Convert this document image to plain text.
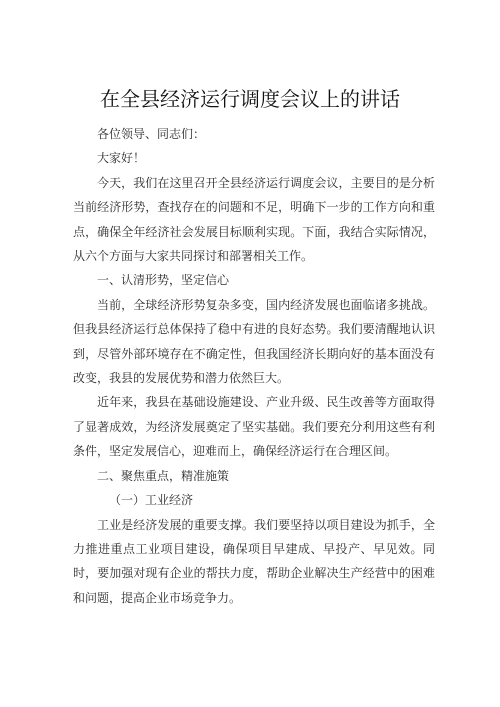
在全县经济运行调度会议上的讲话

各位领导、同志们：

大家好！

今天，我们在这里召开全县经济运行调度会议，主要目的是分析当前经济形势，查找存在的问题和不足，明确下一步的工作方向和重点，确保全年经济社会发展目标顺利实现。下面，我结合实际情况，从六个方面与大家共同探讨和部署相关工作。

一、认清形势，坚定信心

当前，全球经济形势复杂多变，国内经济发展也面临诸多挑战。但我县经济运行总体保持了稳中有进的良好态势。我们要清醒地认识到，尽管外部环境存在不确定性，但我国经济长期向好的基本面没有改变，我县的发展优势和潜力依然巨大。

近年来，我县在基础设施建设、产业升级、民生改善等方面取得了显著成效，为经济发展奠定了坚实基础。我们要充分利用这些有利条件，坚定发展信心，迎难而上，确保经济运行在合理区间。

二、聚焦重点，精准施策

（一）工业经济

工业是经济发展的重要支撑。我们要坚持以项目建设为抓手，全力推进重点工业项目建设，确保项目早建成、早投产、早见效。同时，要加强对现有企业的帮扶力度，帮助企业解决生产经营中的困难和问题，提高企业市场竞争力。
